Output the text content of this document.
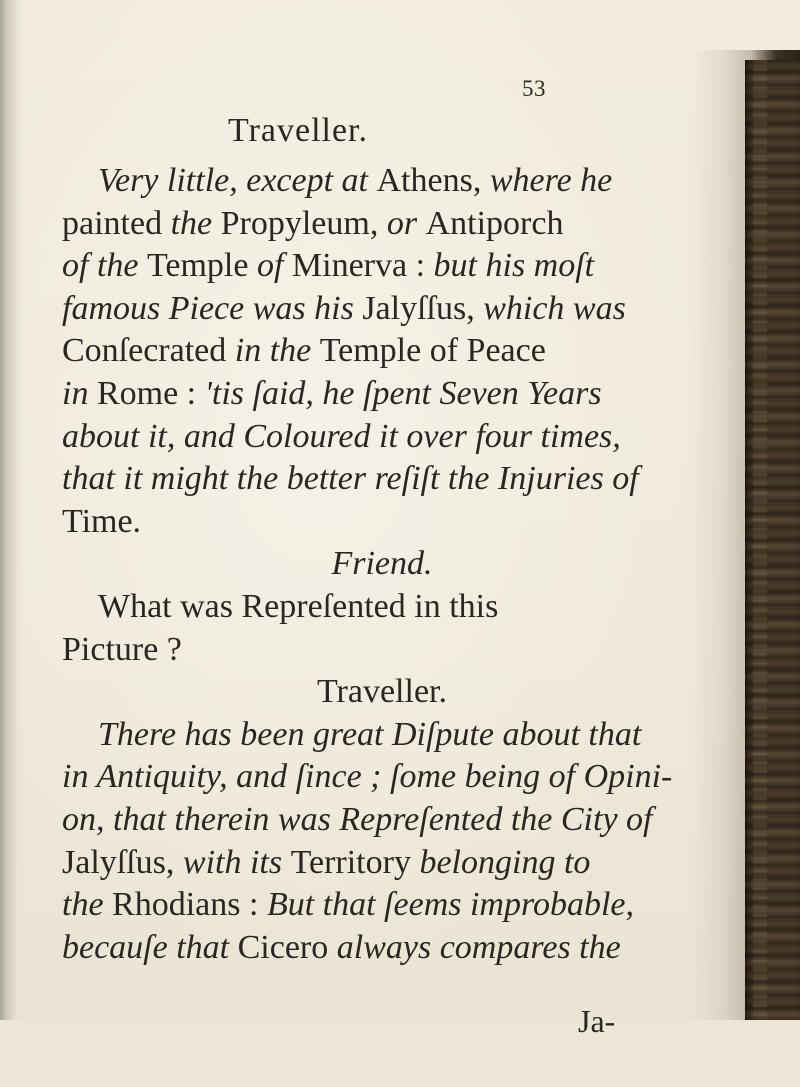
53
Traveller.
Very little, except at Athens, where he
painted the Propyleum, or Antiporch
of the Temple of Minerva : but his moſt
famous Piece was his Jalyſſus, which was
Conſecrated in the Temple of Peace
in Rome : 'tis ſaid, he ſpent Seven Years
about it, and Coloured it over four times,
that it might the better reſiſt the Injuries of
Time.
Friend.
What was Repreſented in this
Picture ?
Traveller.
There has been great Diſpute about that
in Antiquity, and ſince ; ſome being of Opini-
on, that therein was Repreſented the City of
Jalyſſus, with its Territory belonging to
the Rhodians : But that ſeems improbable,
becauſe that Cicero always compares the
Ja-
